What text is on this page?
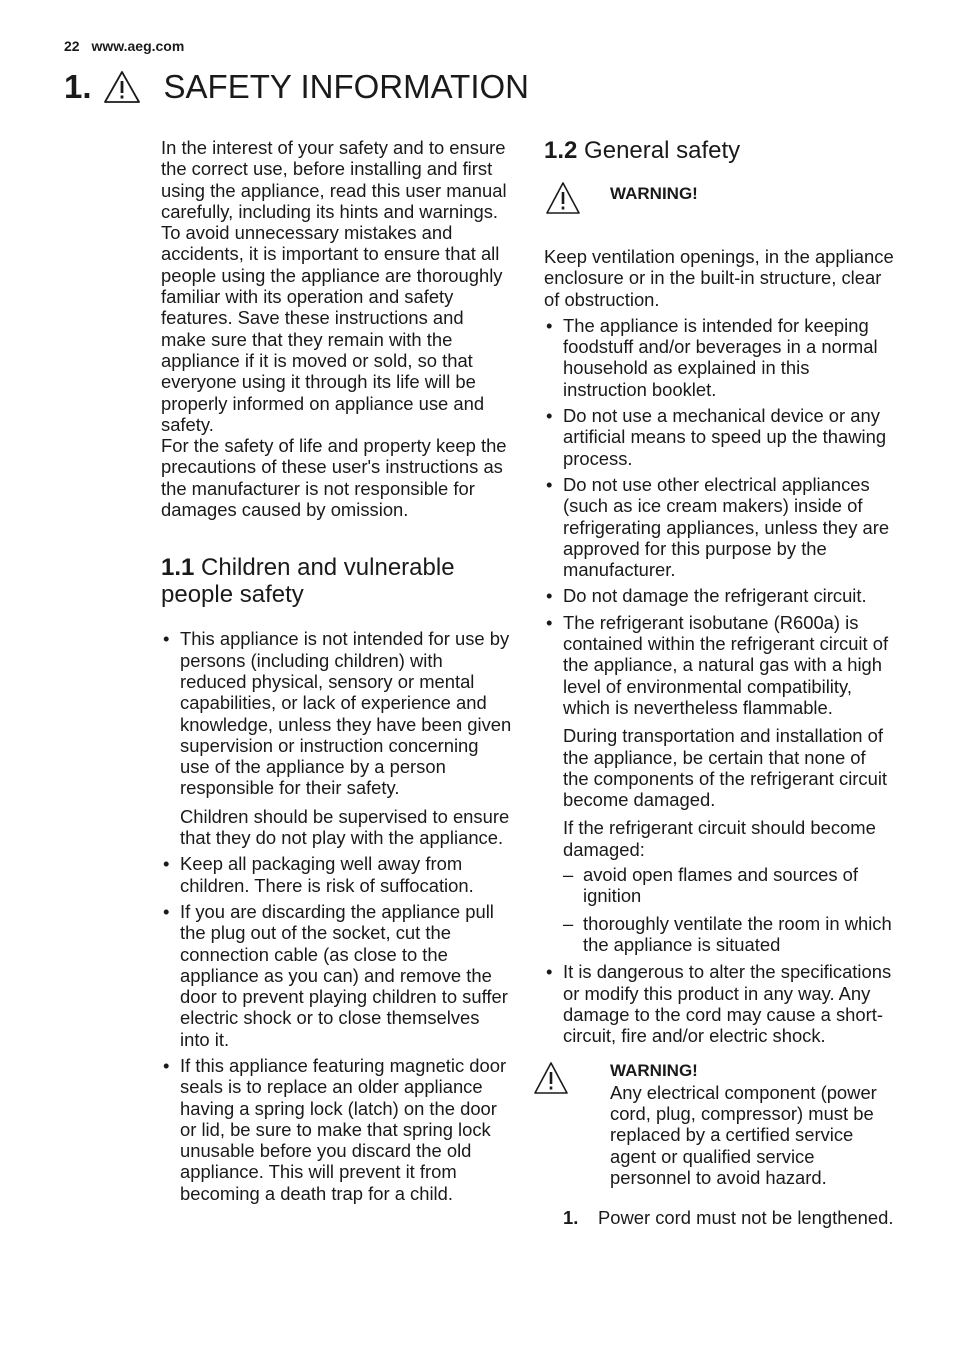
22 www.aeg.com
1. SAFETY INFORMATION

In the interest of your safety and to ensure the correct use, before installing and first using the appliance, read this user manual carefully, including its hints and warnings. To avoid unnecessary mistakes and accidents, it is important to ensure that all people using the appliance are thoroughly familiar with its operation and safety features. Save these instructions and make sure that they remain with the appliance if it is moved or sold, so that everyone using it through its life will be properly informed on appliance use and safety.

For the safety of life and property keep the precautions of these user's instructions as the manufacturer is not responsible for damages caused by omission.

1.1 Children and vulnerable people safety

• This appliance is not intended for use by persons (including children) with reduced physical, sensory or mental capabilities, or lack of experience and knowledge, unless they have been given supervision or instruction concerning use of the appliance by a person responsible for their safety.

Children should be supervised to ensure that they do not play with the appliance.

• Keep all packaging well away from children. There is risk of suffocation.

• If you are discarding the appliance pull the plug out of the socket, cut the connection cable (as close to the appliance as you can) and remove the door to prevent playing children to suffer electric shock or to close themselves into it.

• If this appliance featuring magnetic door seals is to replace an older appliance having a spring lock (latch) on the door or lid, be sure to make that spring lock unusable before you discard the old appliance. This will prevent it from becoming a death trap for a child.

1.2 General safety
WARNING!

Keep ventilation openings, in the appliance enclosure or in the built-in structure, clear of obstruction.

• The appliance is intended for keeping foodstuff and/or beverages in a normal household as explained in this instruction booklet.

• Do not use a mechanical device or any artificial means to speed up the thawing process.

• Do not use other electrical appliances (such as ice cream makers) inside of refrigerating appliances, unless they are approved for this purpose by the manufacturer.

• Do not damage the refrigerant circuit.

• The refrigerant isobutane (R600a) is contained within the refrigerant circuit of the appliance, a natural gas with a high level of environmental compatibility, which is nevertheless flammable.

During transportation and installation of the appliance, be certain that none of the components of the refrigerant circuit become damaged.

If the refrigerant circuit should become damaged:

– avoid open flames and sources of ignition
– thoroughly ventilate the room in which the appliance is situated

• It is dangerous to alter the specifications or modify this product in any way. Any damage to the cord may cause a short-circuit, fire and/or electric shock.

WARNING!

Any electrical component (power cord, plug, compressor) must be replaced by a certified service agent or qualified service personnel to avoid hazard.

1. Power cord must not be lengthened.
